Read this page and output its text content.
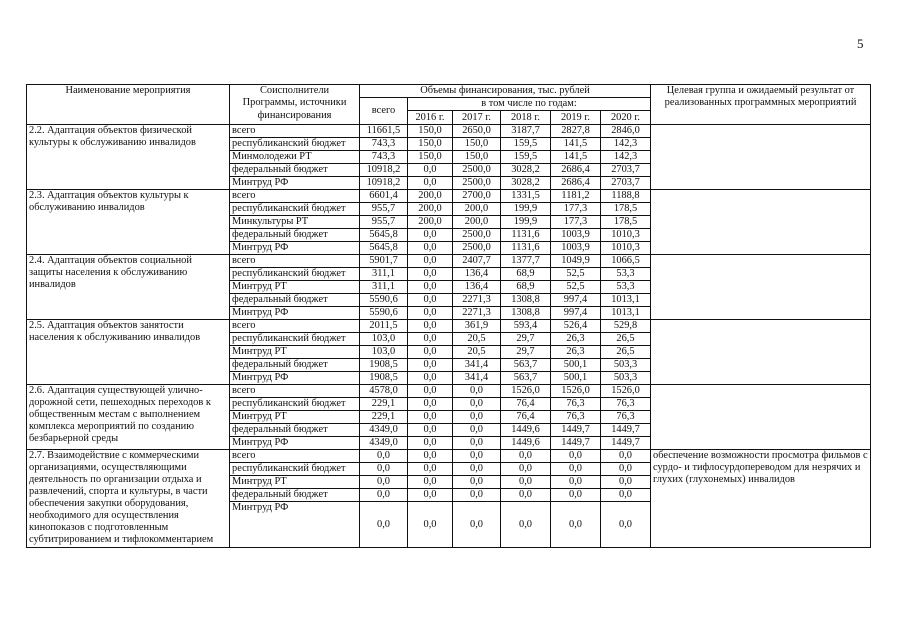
5
Наименование мероприятия	Соисполнители Программы, источники финансирования	Объемы финансирования, тыс. рублей						Целевая группа и ожидаемый результат от реализованных программных мероприятий
		всего	в том числе по годам:					
			2016 г.	2017 г.	2018 г.	2019 г.	2020 г.	
2.2. Адаптация объектов физической культуры к обслуживанию инвалидов	всего	11661,5	150,0	2650,0	3187,7	2827,8	2846,0	
	республиканский бюджет	743,3	150,0	150,0	159,5	141,5	142,3	
	Минмолодежи РТ	743,3	150,0	150,0	159,5	141,5	142,3	
	федеральный бюджет	10918,2	0,0	2500,0	3028,2	2686,4	2703,7	
	Минтруд РФ	10918,2	0,0	2500,0	3028,2	2686,4	2703,7	
2.3. Адаптация объектов культуры к обслуживанию инвалидов	всего	6601,4	200,0	2700,0	1331,5	1181,2	1188,8	
	республиканский бюджет	955,7	200,0	200,0	199,9	177,3	178,5	
	Минкультуры РТ	955,7	200,0	200,0	199,9	177,3	178,5	
	федеральный бюджет	5645,8	0,0	2500,0	1131,6	1003,9	1010,3	
	Минтруд РФ	5645,8	0,0	2500,0	1131,6	1003,9	1010,3	
2.4. Адаптация объектов социальной защиты населения к обслуживанию инвалидов	всего	5901,7	0,0	2407,7	1377,7	1049,9	1066,5	
	республиканский бюджет	311,1	0,0	136,4	68,9	52,5	53,3	
	Минтруд РТ	311,1	0,0	136,4	68,9	52,5	53,3	
	федеральный бюджет	5590,6	0,0	2271,3	1308,8	997,4	1013,1	
	Минтруд РФ	5590,6	0,0	2271,3	1308,8	997,4	1013,1	
2.5. Адаптация объектов занятости населения к обслуживанию инвалидов	всего	2011,5	0,0	361,9	593,4	526,4	529,8	
	республиканский бюджет	103,0	0,0	20,5	29,7	26,3	26,5	
	Минтруд РТ	103,0	0,0	20,5	29,7	26,3	26,5	
	федеральный бюджет	1908,5	0,0	341,4	563,7	500,1	503,3	
	Минтруд РФ	1908,5	0,0	341,4	563,7	500,1	503,3	
2.6. Адаптация существующей улично-дорожной сети, пешеходных переходов к общественным местам с выполнением комплекса мероприятий по созданию безбарьерной среды	всего	4578,0	0,0	0,0	1526,0	1526,0	1526,0	
	республиканский бюджет	229,1	0,0	0,0	76,4	76,3	76,3	
	Минтруд РТ	229,1	0,0	0,0	76,4	76,3	76,3	
	федеральный бюджет	4349,0	0,0	0,0	1449,6	1449,7	1449,7	
	Минтруд РФ	4349,0	0,0	0,0	1449,6	1449,7	1449,7	
2.7. Взаимодействие с коммерческими организациями, осуществляющими деятельность по организации отдыха и развлечений, спорта и культуры, в части обеспечения закупки оборудования, необходимого для осуществления кинопоказов с подготовленным субтитрированием и тифлокомментарием	всего	0,0	0,0	0,0	0,0	0,0	0,0	обеспечение возможности просмотра фильмов с сурдо- и тифлосурдопереводом для незрячих и глухих (глухонемых) инвалидов
	республиканский бюджет	0,0	0,0	0,0	0,0	0,0	0,0	
	Минтруд РТ	0,0	0,0	0,0	0,0	0,0	0,0	
	федеральный бюджет	0,0	0,0	0,0	0,0	0,0	0,0	
	Минтруд РФ	0,0	0,0	0,0	0,0	0,0	0,0	
